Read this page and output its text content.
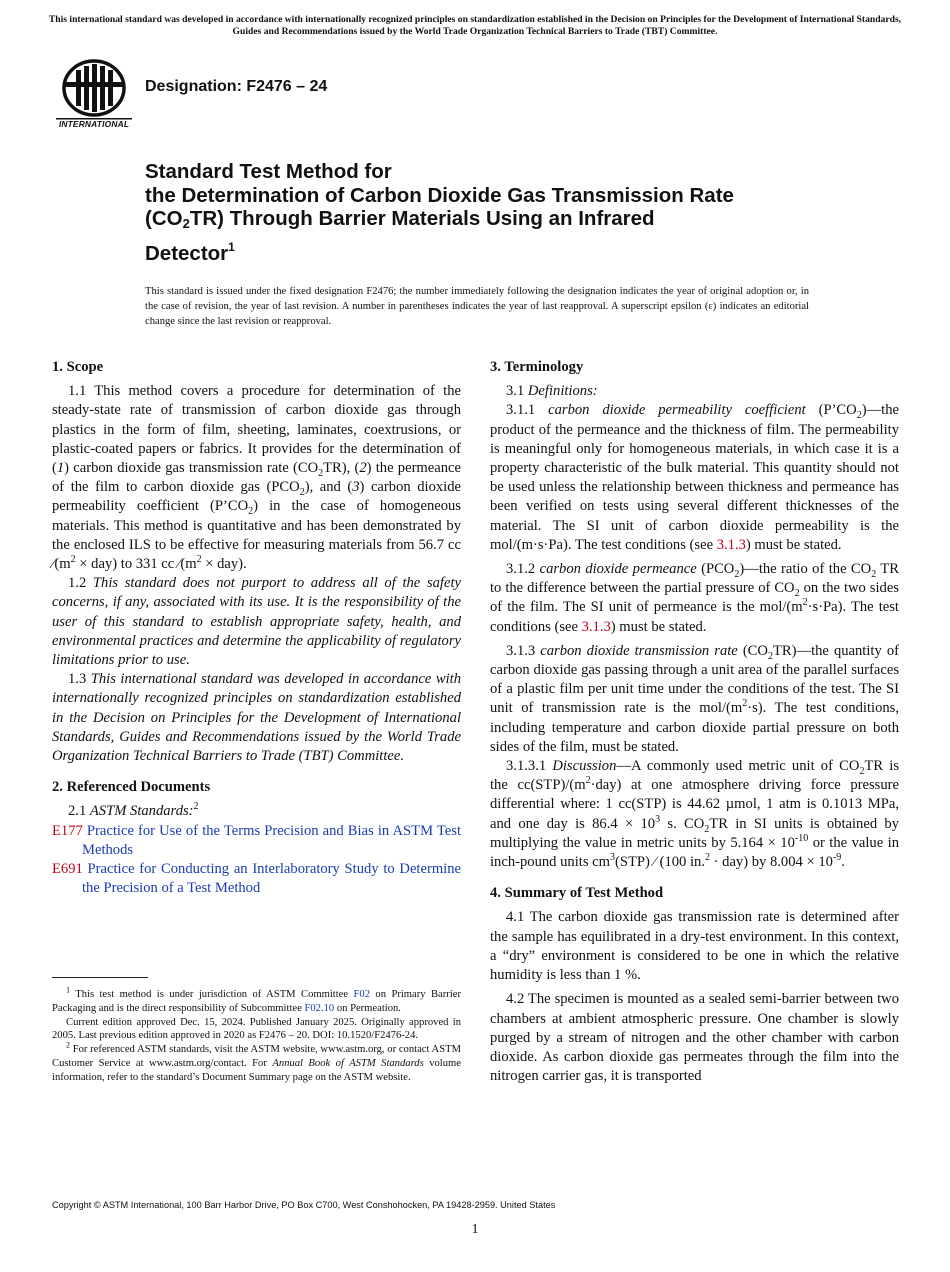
This international standard was developed in accordance with internationally recognized principles on standardization established in the Decision on Principles for the Development of International Standards, Guides and Recommendations issued by the World Trade Organization Technical Barriers to Trade (TBT) Committee.
INTERNATIONAL
Designation: F2476 – 24
Standard Test Method for
the Determination of Carbon Dioxide Gas Transmission Rate
$(CO_2TR)$ Through Barrier Materials Using an Infrared
Detector$^1$
This standard is issued under the fixed designation F2476; the number immediately following the designation indicates the year of original adoption or, in the case of revision, the year of last revision. A number in parentheses indicates the year of last reapproval. A superscript epsilon (ε) indicates an editorial change since the last revision or reapproval.
1. Scope

1.1 This method covers a procedure for determination of the steady-state rate of transmission of carbon dioxide gas through plastics in the form of film, sheeting, laminates, coextrusions, or plastic-coated papers or fabrics. It provides for the determination of (1) carbon dioxide gas transmission rate $(CO_2TR)$, (2) the permeance of the film to carbon dioxide gas $(PCO_2)$, and (3) carbon dioxide permeability coefficient $(P’CO_2)$ in the case of homogeneous materials. This method is quantitative and has been demonstrated by the enclosed ILS to be effective for measuring materials from 56.7 cc $⁄(m^2 \times day)$ to 331 cc $⁄(m^2 \times day)$.

1.2 This standard does not purport to address all of the safety concerns, if any, associated with its use. It is the responsibility of the user of this standard to establish appropriate safety, health, and environmental practices and determine the applicability of regulatory limitations prior to use.

1.3 This international standard was developed in accordance with internationally recognized principles on standardization established in the Decision on Principles for the Development of International Standards, Guides and Recommendations issued by the World Trade Organization Technical Barriers to Trade (TBT) Committee.

2. Referenced Documents

2.1 ASTM Standards:$^2$

E177 Practice for Use of the Terms Precision and Bias in ASTM Test Methods

E691 Practice for Conducting an Interlaboratory Study to Determine the Precision of a Test Method

$^1$ This test method is under jurisdiction of ASTM Committee F02 on Primary Barrier Packaging and is the direct responsibility of Subcommittee F02.10 on Permeation.

Current edition approved Dec. 15, 2024. Published January 2025. Originally approved in 2005. Last previous edition approved in 2020 as F2476 – 20. DOI: 10.1520/F2476-24.

$^2$ For referenced ASTM standards, visit the ASTM website, www.astm.org, or contact ASTM Customer Service at www.astm.org/contact. For Annual Book of ASTM Standards volume information, refer to the standard’s Document Summary page on the ASTM website.

3. Terminology

3.1 Definitions:

3.1.1 carbon dioxide permeability coefficient $(P’CO_2)—the$ product of the permeance and the thickness of film. The permeability is meaningful only for homogeneous materials, in which case it is a property characteristic of the bulk material. This quantity should not be used unless the relationship between thickness and permeance has been verified on tests using several different thicknesses of the material. The SI unit of carbon dioxide permeability is the mol/(m·s·Pa). The test conditions (see 3.1.3) must be stated.

3.1.2 carbon dioxide permeance $(PCO_2)—the$ ratio of the $CO_2$ TR to the difference between the partial pressure of $CO_2$ on the two sides of the film. The SI unit of permeance is the mol/$(m^2\cdot s\cdot Pa)$. The test conditions (see 3.1.3) must be stated.

3.1.3 carbon dioxide transmission rate $(CO_2TR)—the$ quantity of carbon dioxide gas passing through a unit area of the parallel surfaces of a plastic film per unit time under the conditions of the test. The SI unit of transmission rate is the mol/$(m^2\cdot s)$. The test conditions, including temperature and carbon dioxide partial pressure on both sides of the film, must be stated.

3.1.3.1 Discussion—A commonly used metric unit of $CO_2TR$ is the $cc(STP)/(m^2\cdot day)$ at one atmosphere driving force pressure differential where: 1 cc(STP) is 44.62 µmol, 1 atm is 0.1013 MPa, and one day is $86.4 \times 10^3$ s. $CO_2TR$ in SI units is obtained by multiplying the value in metric units by $5.164 \times 10^{-10}$ or the value in inch-pound units $cm^3(STP)$ ⁄ (100 in.$^2$ · day) by $8.004 \times 10^{-9}$.

4. Summary of Test Method

4.1 The carbon dioxide gas transmission rate is determined after the sample has equilibrated in a dry-test environment. In this context, a “dry” environment is considered to be one in which the relative humidity is less than 1 %.

4.2 The specimen is mounted as a sealed semi-barrier between two chambers at ambient atmospheric pressure. One chamber is slowly purged by a stream of nitrogen and the other chamber with carbon dioxide. As carbon dioxide gas permeates through the film into the nitrogen carrier gas, it is transported

Copyright © ASTM International, 100 Barr Harbor Drive, PO Box C700, West Conshohocken, PA 19428-2959. United States
1
